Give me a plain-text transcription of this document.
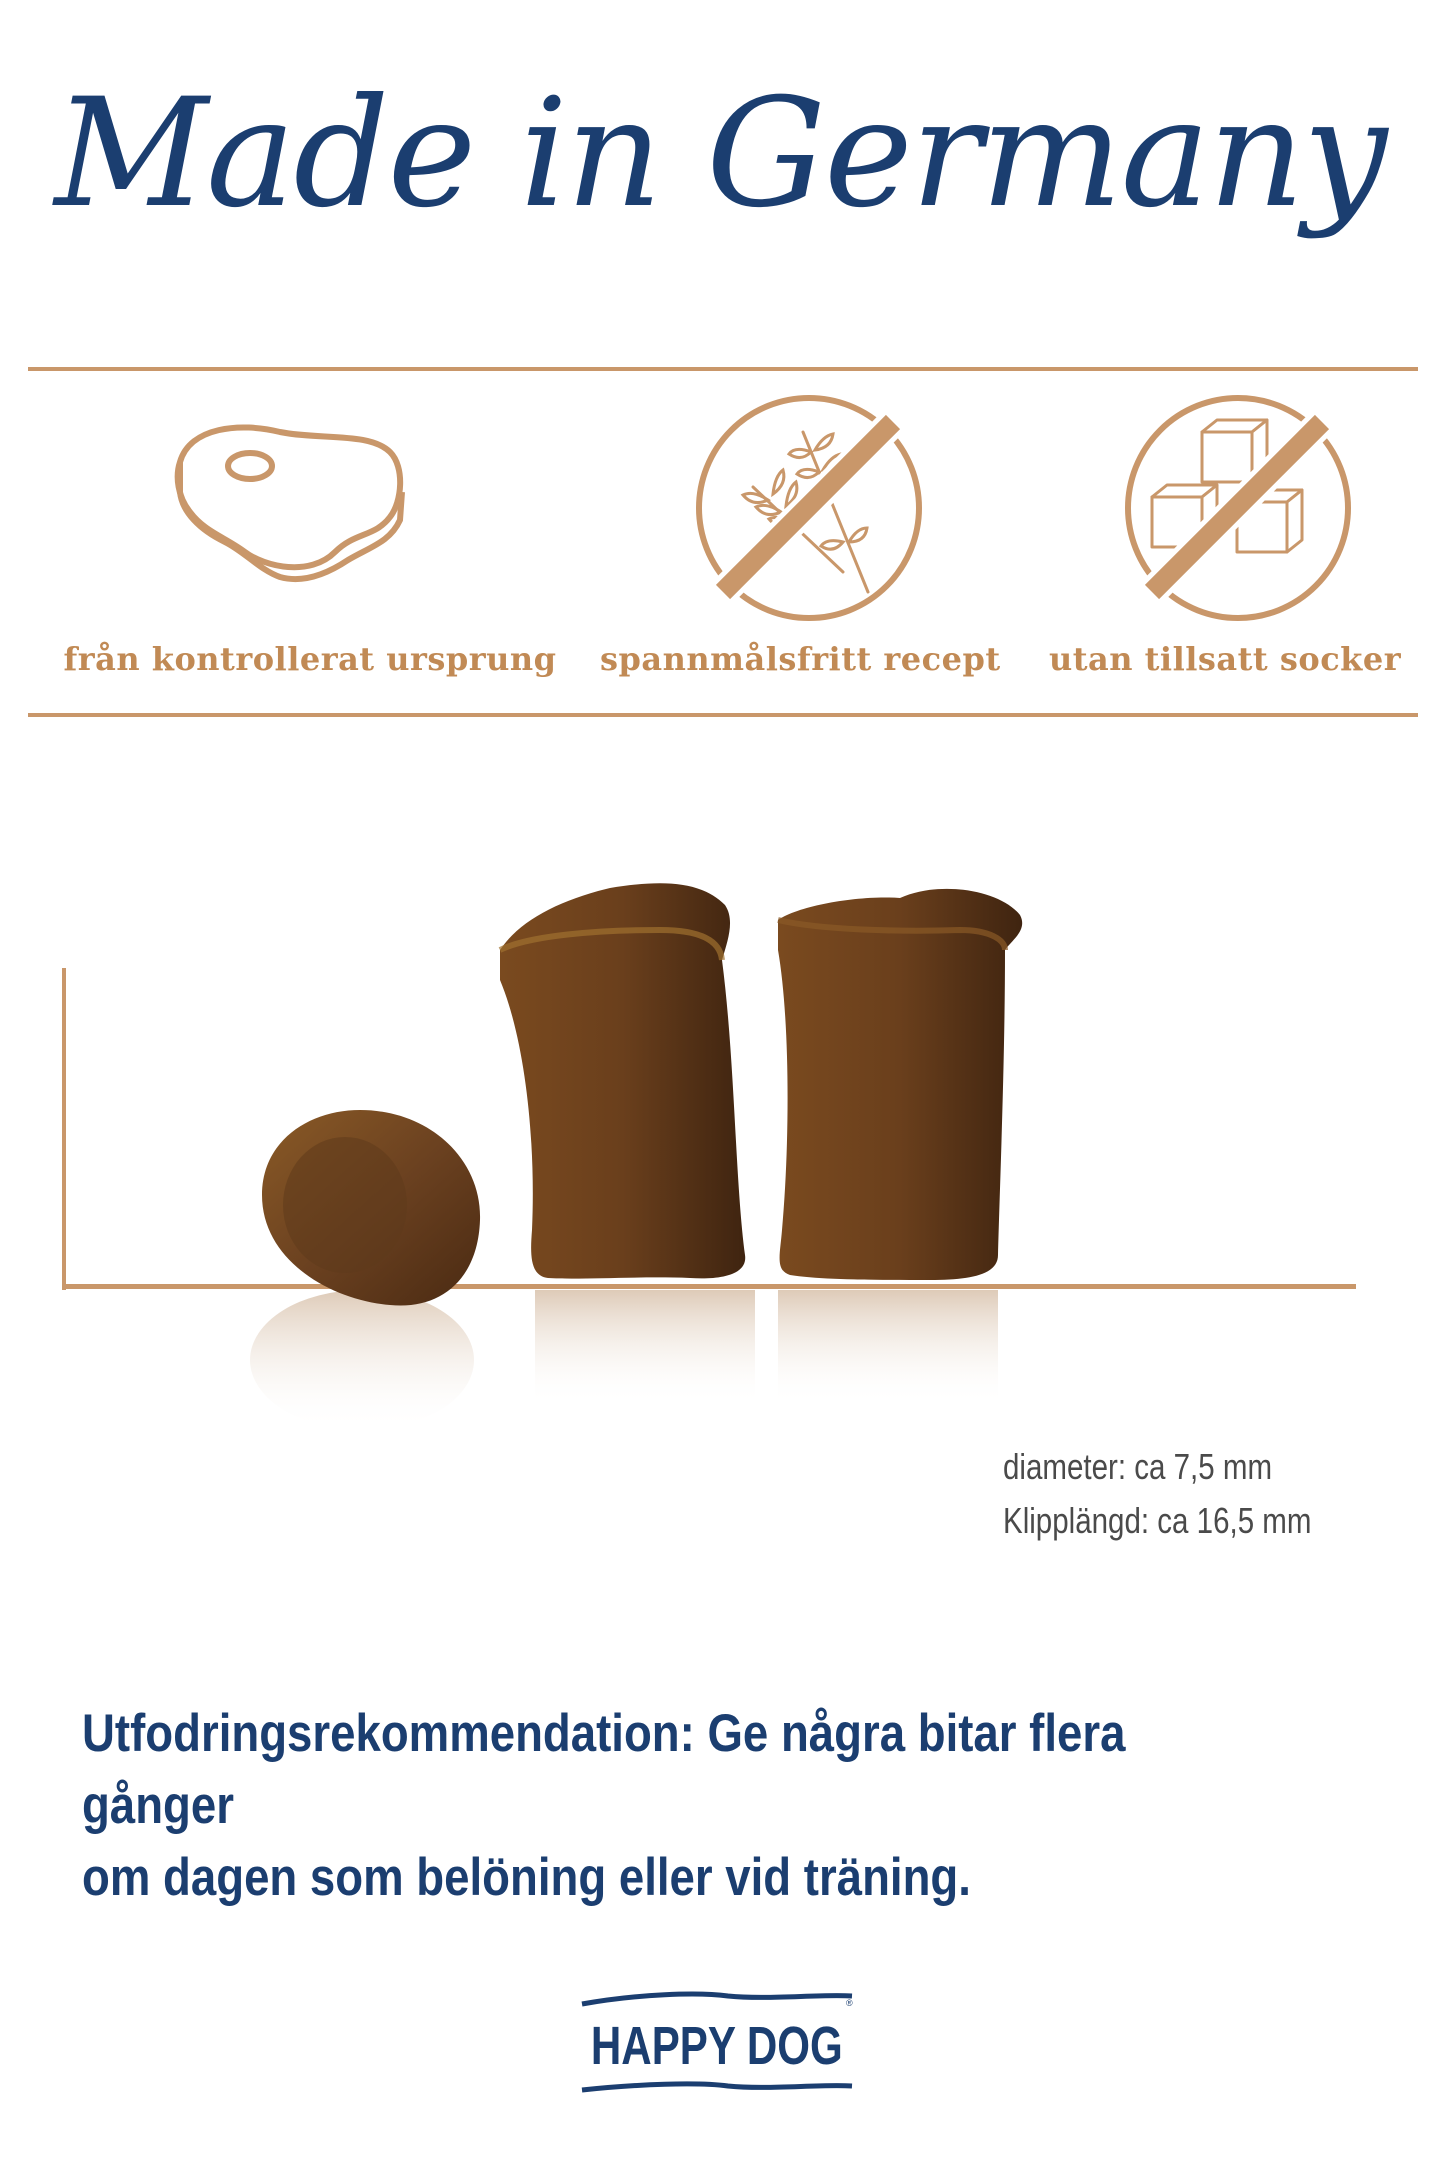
Made in Germany
från kontrollerat ursprung spannmålsfritt recept utan tillsatt socker
diameter: ca 7,5 mm
Klipplängd: ca 16,5 mm
Utfodringsrekommendation: Ge några bitar flera gånger
om dagen som belöning eller vid träning.
HAPPY DOG
®
